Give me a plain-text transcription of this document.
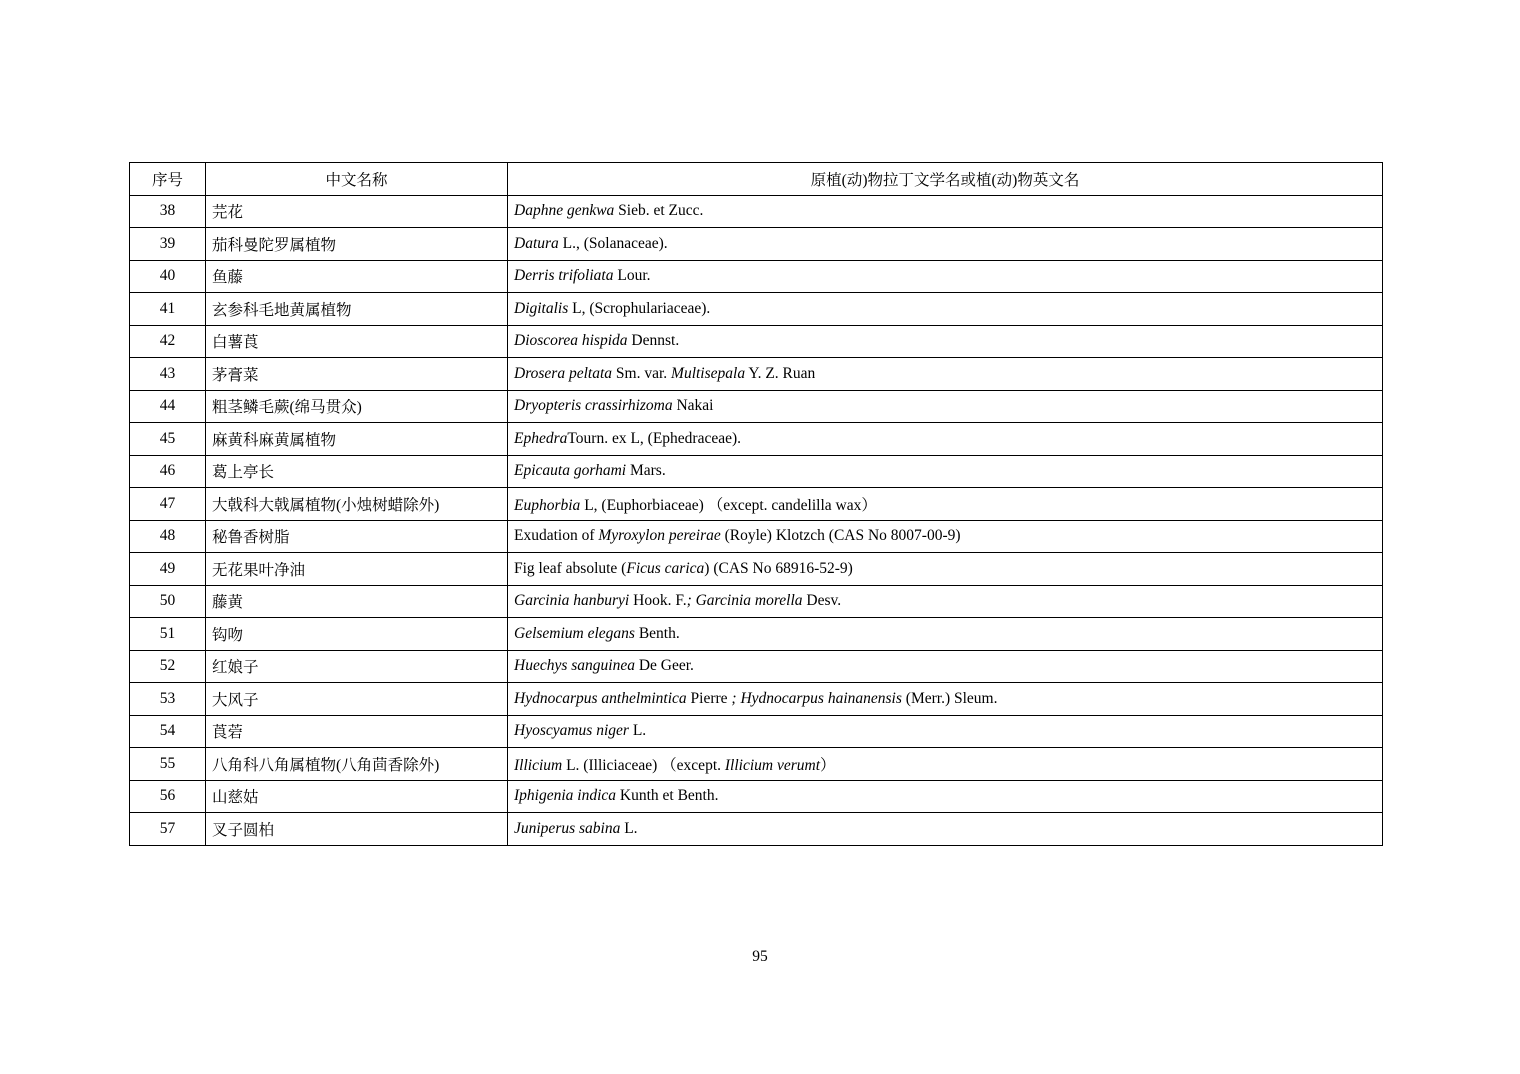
序号	中文名称	原植(动)物拉丁文学名或植(动)物英文名
38	芫花	Daphne genkwa Sieb. et Zucc.
39	茄科曼陀罗属植物	Datura L., (Solanaceae).
40	鱼藤	Derris trifoliata Lour.
41	玄参科毛地黄属植物	Digitalis L, (Scrophulariaceae).
42	白薯莨	Dioscorea hispida Dennst.
43	茅膏菜	Drosera peltata Sm. var. Multisepala Y. Z. Ruan
44	粗茎鳞毛蕨(绵马贯众)	Dryopteris crassirhizoma Nakai
45	麻黄科麻黄属植物	EphedraTourn. ex L, (Ephedraceae).
46	葛上亭长	Epicauta gorhami Mars.
47	大戟科大戟属植物(小烛树蜡除外)	Euphorbia L, (Euphorbiaceae) （except. candelilla wax）
48	秘鲁香树脂	Exudation of Myroxylon pereirae (Royle) Klotzch (CAS No 8007-00-9)
49	无花果叶净油	Fig leaf absolute (Ficus carica) (CAS No 68916-52-9)
50	藤黄	Garcinia hanburyi Hook. F.; Garcinia morella Desv.
51	钩吻	Gelsemium elegans Benth.
52	红娘子	Huechys sanguinea De Geer.
53	大风子	Hydnocarpus anthelmintica Pierre ; Hydnocarpus hainanensis (Merr.) Sleum.
54	莨菪	Hyoscyamus niger L.
55	八角科八角属植物(八角茴香除外)	Illicium L. (Illiciaceae) （except. Illicium verumt）
56	山慈姑	Iphigenia indica Kunth et Benth.
57	叉子圆柏	Juniperus sabina L.
95
